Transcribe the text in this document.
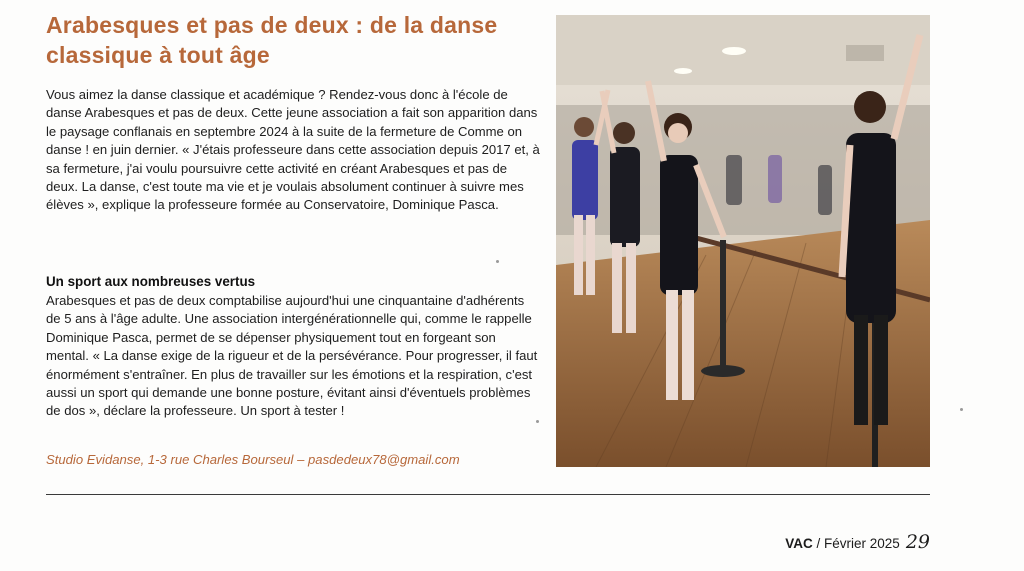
Arabesques et pas de deux : de la danse classique à tout âge

Vous aimez la danse classique et académique ? Rendez-vous donc à l'école de danse Arabesques et pas de deux. Cette jeune association a fait son apparition dans le paysage conflanais en septembre 2024 à la suite de la fermeture de Comme on danse ! en juin dernier. « J'étais professeure dans cette association depuis 2017 et, à sa fermeture, j'ai voulu poursuivre cette activité en créant Arabesques et pas de deux. La danse, c'est toute ma vie et je voulais absolument continuer à suivre mes élèves », explique la professeure formée au Conservatoire, Dominique Pasca.

Un sport aux nombreuses vertus

Arabesques et pas de deux comptabilise aujourd'hui une cinquantaine d'adhérents de 5 ans à l'âge adulte. Une association intergénérationnelle qui, comme le rappelle Dominique Pasca, permet de se dépenser physiquement tout en forgeant son mental. « La danse exige de la rigueur et de la persévérance. Pour progresser, il faut énormément s'entraîner. En plus de travailler sur les émotions et la respiration, c'est aussi un sport qui demande une bonne posture, évitant ainsi d'éventuels problèmes de dos », déclare la professeure. Un sport à tester !

Studio Evidanse, 1-3 rue Charles Bourseul – pasdedeux78@gmail.com

VAC / Février 2025 29
